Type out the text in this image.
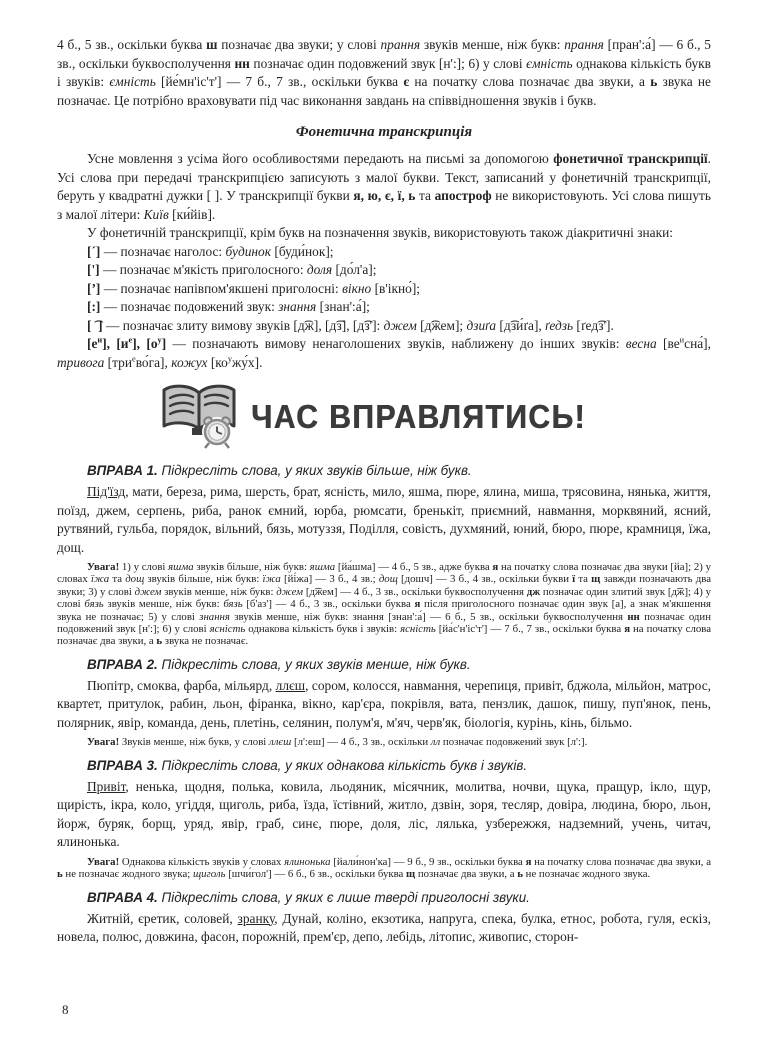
4 б., 5 зв., оскільки буква ш позначає два звуки; у слові прання звуків менше, ніж букв: прання [пран':а́] — 6 б., 5 зв., оскільки буквосполучення нн позначає один подовжений звук [н':]; 6) у слові ємність однакова кількість букв і звуків: ємність [йе́мн'іс'т'] — 7 б., 7 зв., оскільки буква є на початку слова позначає два звуки, а ь звука не позначає. Це потрібно враховувати під час виконання завдань на співвідношення звуків і букв.

Фонетична транскрипція

Усне мовлення з усіма його особливостями передають на письмі за допомогою фонетичної транскрипції. Усі слова при передачі транскрипцією записують з малої букви. Текст, записаний у фонетичній транскрипції, беруть у квадратні дужки [ ]. У транскрипції букви я, ю, є, ї, ь та апостроф не використовують. Усі слова пишуть з малої літери: Київ [ки́йів].

У фонетичній транскрипції, крім букв на позначення звуків, використовують також діакритичні знаки:

[´] — позначає наголос: будинок [буди́нок];

['] — позначає м'якість приголосного: доля [до́л'а];

[’] — позначає напівпом'якшені приголосні: вікно [в'ікно́];

[:] — позначає подовжений звук: знання [знан':а́];

[ ͡ ] — позначає злиту вимову звуків [д͡ж], [д͡з], [д͡з']: джем [д͡жем]; дзиґа [д͡зи́ґа], ґедзь [ґед͡з'].

$[е^и]$, $[и^е]$, $[о^у]$ — позначають вимову ненаголошених звуків, наближену до інших звуків: весна $[ве^исна́]$, тривога [три$^е$во́га], кожух $[ко^ужу́х]$.

ЧАС ВПРАВЛЯТИСЬ!

ВПРАВА 1. Підкресліть слова, у яких звуків більше, ніж букв.

Під'їзд, мати, береза, рима, шерсть, брат, ясність, мило, яшма, пюре, ялина, миша, трясовина, нянька, життя, поїзд, джем, серпень, риба, ранок ємний, юрба, рюмсати, бренькіт, приємний, навмання, морквяний, ясний, рутвяний, гульба, порядок, вільний, бязь, мотуззя, Поділля, совість, духмяний, юний, бюро, пюре, крамниця, їжа, дощ.

Увага! 1) у слові яшма звуків більше, ніж букв: яшма [йа́шма] — 4 б., 5 зв., адже буква я на початку слова позначає два звуки [йа]; 2) у словах їжа та дощ звуків більше, ніж букв: їжа [йі́жа] — 3 б., 4 зв.; дощ [дошч] — 3 б., 4 зв., оскільки букви ї та щ завжди позначають два звуки; 3) у слові джем звуків менше, ніж букв: джем [д͡жем] — 4 б., 3 зв., оскільки буквосполучення дж позначає один злитий звук [д͡ж]; 4) у слові бязь звуків менше, ніж букв: бязь [б'аз'] — 4 б., 3 зв., оскільки буква я після приголосного позначає один звук [а], а знак м'якшення звука не позначає; 5) у слові знання звуків менше, ніж букв: знання [знан':а́] — 6 б., 5 зв., оскільки буквосполучення нн позначає один подовжений звук [н':]; 6) у слові ясність однакова кількість букв і звуків: ясність [йа́с'н'іс'т'] — 7 б., 7 зв., оскільки буква я на початку слова позначає два звуки, а ь звука не позначає.

ВПРАВА 2. Підкресліть слова, у яких звуків менше, ніж букв.

Пюпітр, смоква, фарба, мільярд, ллєш, сором, колосся, навмання, черепиця, привіт, бджола, мільйон, матрос, квартет, притулок, рабин, льон, фіранка, вікно, кар'єра, покрівля, вата, пензлик, дашок, пишу, пуп'янок, пень, полярник, явір, команда, день, плетінь, селянин, полум'я, м'яч, черв'як, біологія, курінь, кінь, більмо.

Увага! Звуків менше, ніж букв, у слові ллєш [л':еш] — 4 б., 3 зв., оскільки лл позначає подовжений звук [л':].

ВПРАВА 3. Підкресліть слова, у яких однакова кількість букв і звуків.

Привіт, ненька, щодня, полька, ковила, льодяник, місячник, молитва, ночви, щука, пращур, ікло, щур, щирість, ікра, коло, угіддя, щиголь, риба, їзда, їстівний, житло, дзвін, зоря, тесляр, довіра, людина, бюро, льон, йорж, буряк, борщ, уряд, явір, граб, синє, пюре, доля, ліс, лялька, узбережжя, надземний, учень, читач, ялинонька.

Увага! Однакова кількість звуків у словах ялинонька [йали́нон'ка] — 9 б., 9 зв., оскільки буква я на початку слова позначає два звуки, а ь не позначає жодного звука; щиголь [шчи́гол'] — 6 б., 6 зв., оскільки буква щ позначає два звуки, а ь не позначає жодного звука.

ВПРАВА 4. Підкресліть слова, у яких є лише тверді приголосні звуки.

Житній, єретик, соловей, зранку, Дунай, коліно, екзотика, напруга, спека, булка, етнос, робота, гуля, ескіз, новела, полюс, довжина, фасон, порожній, прем'єр, депо, лебідь, літопис, живопис, сторон-

8
